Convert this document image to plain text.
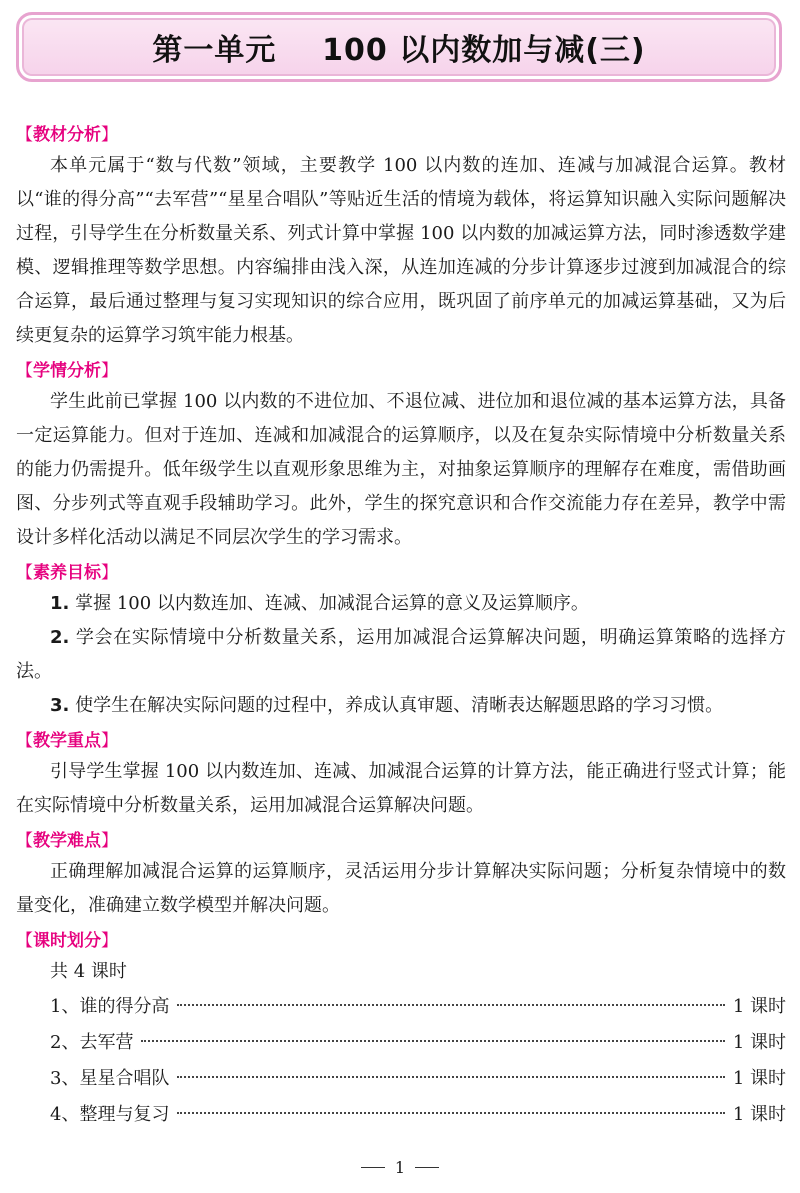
第一单元    100 以内数加与减(三)
【教材分析】

本单元属于“数与代数”领域，主要教学 100 以内数的连加、连减与加减混合运算。教材以“谁的得分高”“去军营”“星星合唱队”等贴近生活的情境为载体，将运算知识融入实际问题解决过程，引导学生在分析数量关系、列式计算中掌握 100 以内数的加减运算方法，同时渗透数学建模、逻辑推理等数学思想。内容编排由浅入深，从连加连减的分步计算逐步过渡到加减混合的综合运算，最后通过整理与复习实现知识的综合应用，既巩固了前序单元的加减运算基础，又为后续更复杂的运算学习筑牢能力根基。

【学情分析】

学生此前已掌握 100 以内数的不进位加、不退位减、进位加和退位减的基本运算方法，具备一定运算能力。但对于连加、连减和加减混合的运算顺序，以及在复杂实际情境中分析数量关系的能力仍需提升。低年级学生以直观形象思维为主，对抽象运算顺序的理解存在难度，需借助画图、分步列式等直观手段辅助学习。此外，学生的探究意识和合作交流能力存在差异，教学中需设计多样化活动以满足不同层次学生的学习需求。

【素养目标】

1. 掌握 100 以内数连加、连减、加减混合运算的意义及运算顺序。

2. 学会在实际情境中分析数量关系，运用加减混合运算解决问题，明确运算策略的选择方法。

3. 使学生在解决实际问题的过程中，养成认真审题、清晰表达解题思路的学习习惯。

【教学重点】

引导学生掌握 100 以内数连加、连减、加减混合运算的计算方法，能正确进行竖式计算；能在实际情境中分析数量关系，运用加减混合运算解决问题。

【教学难点】

正确理解加减混合运算的运算顺序，灵活运用分步计算解决实际问题；分析复杂情境中的数量变化，准确建立数学模型并解决问题。

【课时划分】
共 4 课时
1、谁的得分高	1 课时
2、去军营	1 课时
3、星星合唱队	1 课时
4、整理与复习	1 课时
1
